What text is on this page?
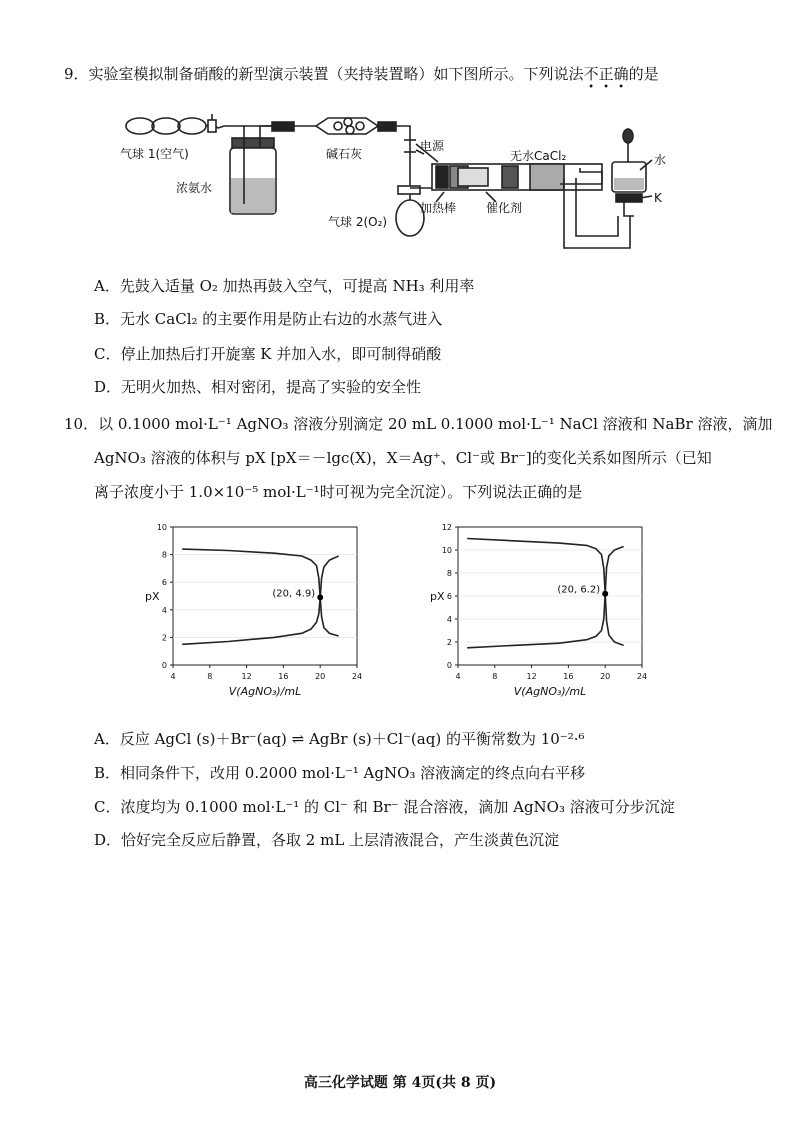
9．实验室模拟制备硝酸的新型演示装置（夹持装置略）如下图所示。下列说法不正确的是
气球 1(空气)
浓氨水
碱石灰
电源
无水CaCl₂	水
K
气球 2(O₂)
加热棒 催化剂
A．先鼓入适量 O₂ 加热再鼓入空气，可提高 NH₃ 利用率
B．无水 CaCl₂ 的主要作用是防止右边的水蒸气进入
C．停止加热后打开旋塞 K 并加入水，即可制得硝酸
D．无明火加热、相对密闭，提高了实验的安全性
10．以 0.1000 mol·L⁻¹ AgNO₃ 溶液分别滴定 20 mL 0.1000 mol·L⁻¹ NaCl 溶液和 NaBr 溶液，滴加
AgNO₃ 溶液的体积与 pX [pX＝－lgc(X)，X＝Ag⁺、Cl⁻或 Br⁻]的变化关系如图所示（已知
离子浓度小于 1.0×10⁻⁵ mol·L⁻¹时可视为完全沉淀）。下列说法正确的是
4	8	12	16	20	24
0
2
4
6
8
10
(20, 4.9)
pX
V(AgNO₃)/mL
4	8	12	16	20	24
0
2
4
6
8
10
12
(20, 6.2)
pX
V(AgNO₃)/mL
A．反应 AgCl (s)＋Br⁻(aq) ⇌ AgBr (s)＋Cl⁻(aq) 的平衡常数为 10⁻²·⁶
B．相同条件下，改用 0.2000 mol·L⁻¹ AgNO₃ 溶液滴定的终点向右平移
C．浓度均为 0.1000 mol·L⁻¹ 的 Cl⁻ 和 Br⁻ 混合溶液，滴加 AgNO₃ 溶液可分步沉淀
D．恰好完全反应后静置，各取 2 mL 上层清液混合，产生淡黄色沉淀
高三化学试题 第 4页(共 8 页)
